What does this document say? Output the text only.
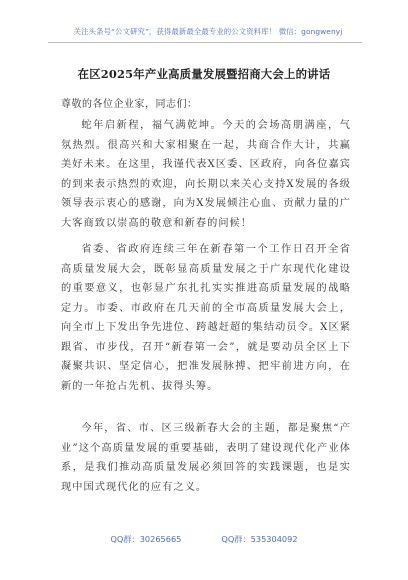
关注头条号“公文研究”，获得最新最全最专业的公文资料库！ 微信：gongwenyj
在区2025年产业高质量发展暨招商大会上的讲话
尊敬的各位企业家，同志们：

蛇年启新程，福气满乾坤。今天的会场高朋满座，气氛热烈。很高兴和大家相聚在一起，共商合作大计，共赢美好未来。在这里，我谨代表X区委、区政府，向各位嘉宾的到来表示热烈的欢迎，向长期以来关心支持X发展的各级领导表示衷心的感谢，向为X发展倾注心血、贡献力量的广大客商致以崇高的敬意和新春的问候！

省委、省政府连续三年在新春第一个工作日召开全省高质量发展大会，既彰显高质量发展之于广东现代化建设的重要意义，也彰显广东扎扎实实推进高质量发展的战略定力。市委、市政府在几天前的全市高质量发展大会上，向全市上下发出争先进位、跨越赶超的集结动员令。X区紧跟省、市步伐，召开“新春第一会”，就是要动员全区上下凝聚共识、坚定信心，把准发展脉搏、把牢前进方向，在新的一年抢占先机、拔得头筹。

今年，省、市、区三级新春大会的主题，都是聚焦“产业”这个高质量发展的重要基础，表明了建设现代化产业体系，是我们推动高质量发展必须回答的实践课题，也是实现中国式现代化的应有之义。

QQ群：30265665	QQ群：535304092
